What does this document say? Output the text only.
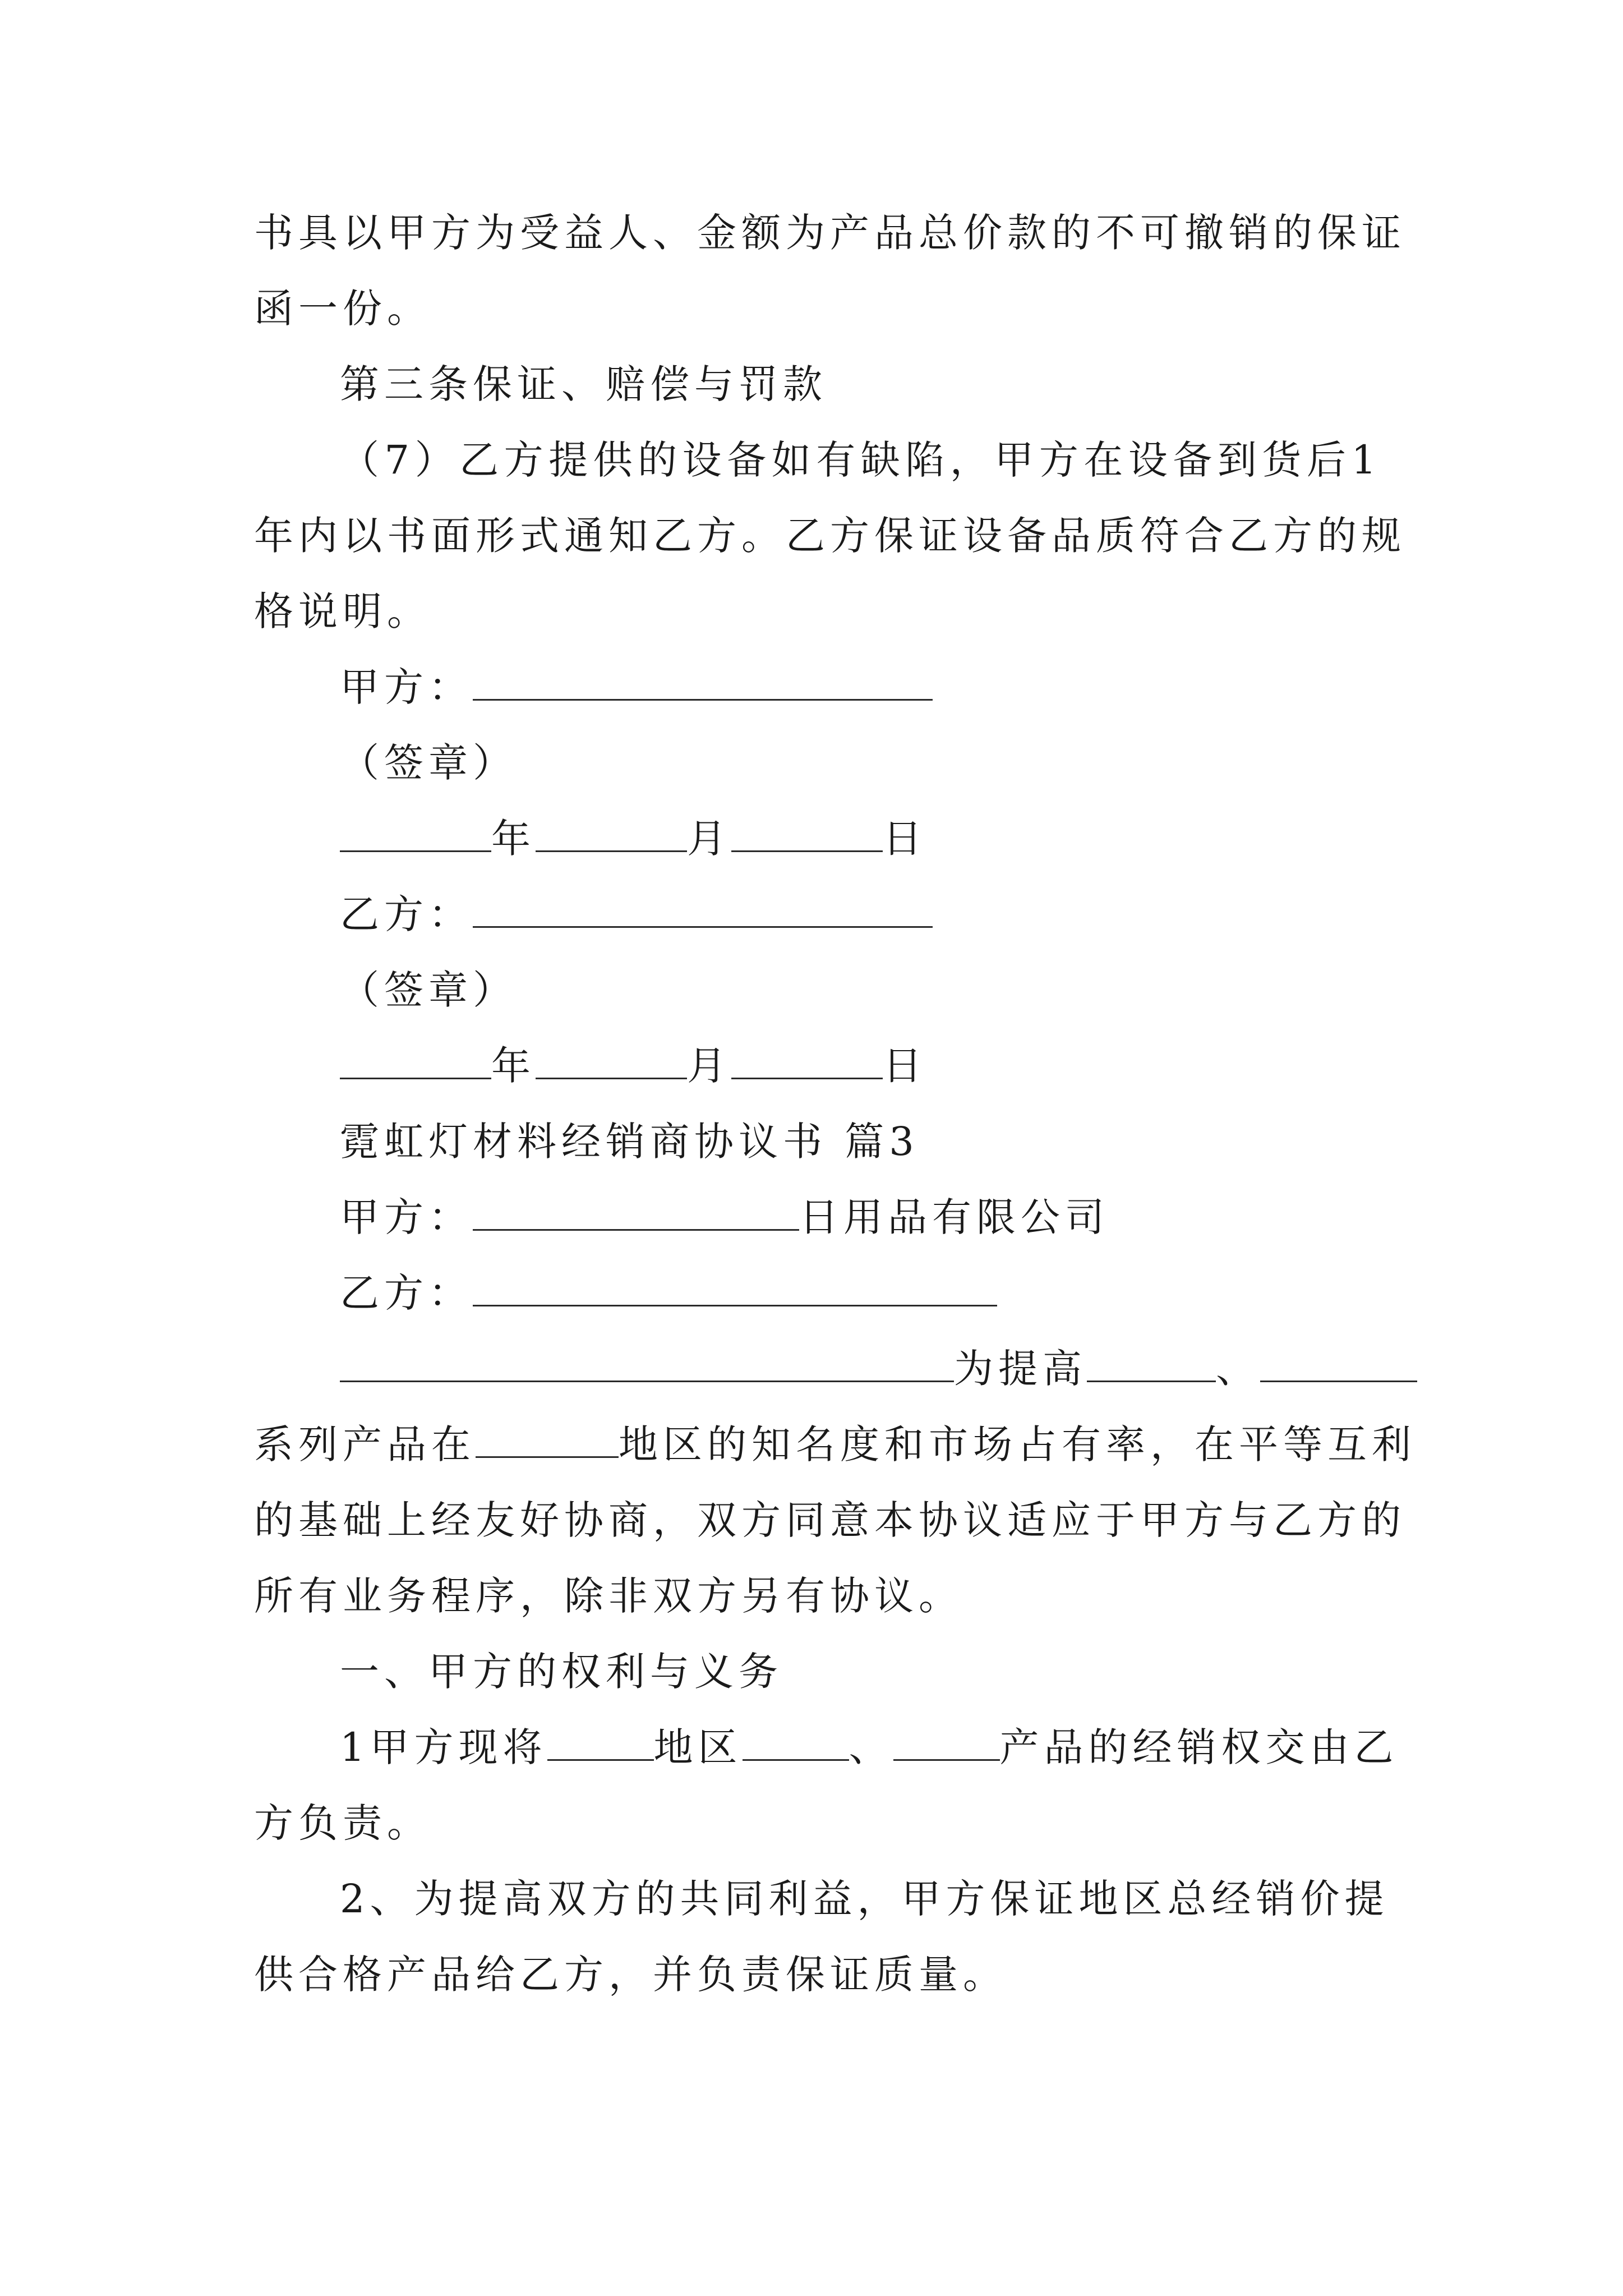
书具以甲方为受益人、金额为产品总价款的不可撤销的保证
函一份。
第三条保证、赔偿与罚款
（7）乙方提供的设备如有缺陷，甲方在设备到货后1
年内以书面形式通知乙方。乙方保证设备品质符合乙方的规
格说明。
甲方：
（签章）
年	月	日
乙方：
（签章）
年	月	日
霓虹灯材料经销商协议书 篇3
甲方：	日用品有限公司
乙方：
为提高	、
系列产品在	地区的知名度和市场占有率，在平等互利
的基础上经友好协商，双方同意本协议适应于甲方与乙方的
所有业务程序，除非双方另有协议。
一、甲方的权利与义务
1甲方现将	地区	、	产品的经销权交由乙
方负责。
2、为提高双方的共同利益，甲方保证地区总经销价提
供合格产品给乙方，并负责保证质量。
